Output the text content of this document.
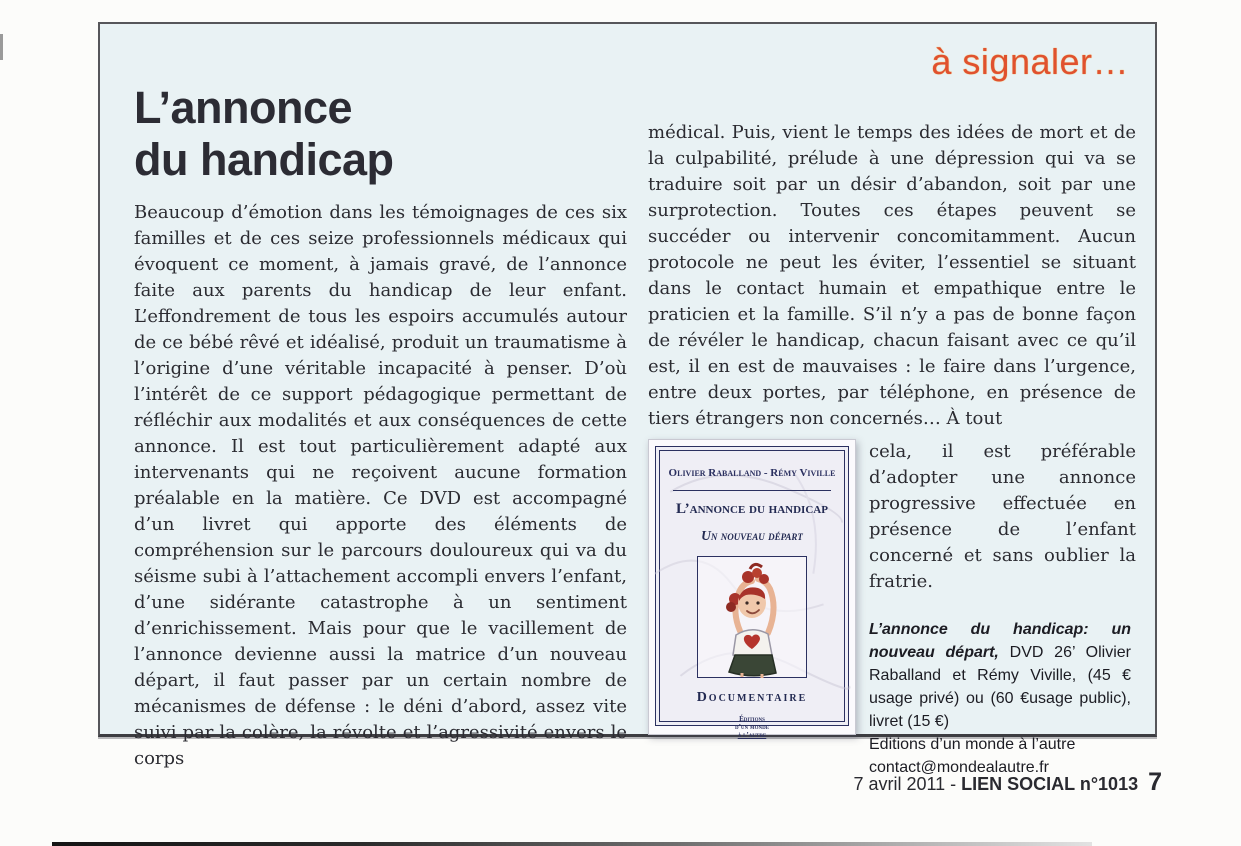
à signaler…
L’annonce
du handicap

Beaucoup d’émotion dans les témoignages de ces six familles et de ces seize professionnels médicaux qui évoquent ce moment, à jamais gravé, de l’annonce faite aux parents du handicap de leur enfant. L’effondrement de tous les espoirs accumulés autour de ce bébé rêvé et idéalisé, produit un traumatisme à l’origine d’une véritable incapacité à penser. D’où l’intérêt de ce support pédagogique permettant de réfléchir aux modalités et aux conséquences de cette annonce. Il est tout particulièrement adapté aux intervenants qui ne reçoivent aucune formation préalable en la matière. Ce DVD est accompagné d’un livret qui apporte des éléments de compréhension sur le parcours douloureux qui va du séisme subi à l’attachement accompli envers l’enfant, d’une sidérante catastrophe à un sentiment d’enrichissement. Mais pour que le vacillement de l’annonce devienne aussi la matrice d’un nouveau départ, il faut passer par un certain nombre de mécanismes de défense : le déni d’abord, assez vite suivi par la colère, la révolte et l’agressivité envers le corps

médical. Puis, vient le temps des idées de mort et de la culpabilité, prélude à une dépression qui va se traduire soit par un désir d’abandon, soit par une surprotection. Toutes ces étapes peuvent se succéder ou intervenir concomitamment. Aucun protocole ne peut les éviter, l’essentiel se situant dans le contact humain et empathique entre le praticien et la famille. S’il n’y a pas de bonne façon de révéler le handicap, chacun faisant avec ce qu’il est, il en est de mauvaises : le faire dans l’urgence, entre deux portes, par téléphone, en présence de tiers étrangers non concernés… À tout

Olivier Raballand - Rémy Viville
L’annonce du handicap
Un nouveau départ
Documentaire
Éditions
d’un monde
à l’autre

cela, il est préférable d’adopter une annonce progressive effectuée en présence de l’enfant concerné et sans oublier la fratrie.

L’annonce du handicap: un nouveau départ, DVD 26’ Olivier Raballand et Rémy Viville, (45 € usage privé) ou (60 €usage public), livret (15 €)

Editions d’un monde à l’autre

contact@mondealautre.fr

7 avril 2011 - LIEN SOCIAL n°1013 7
